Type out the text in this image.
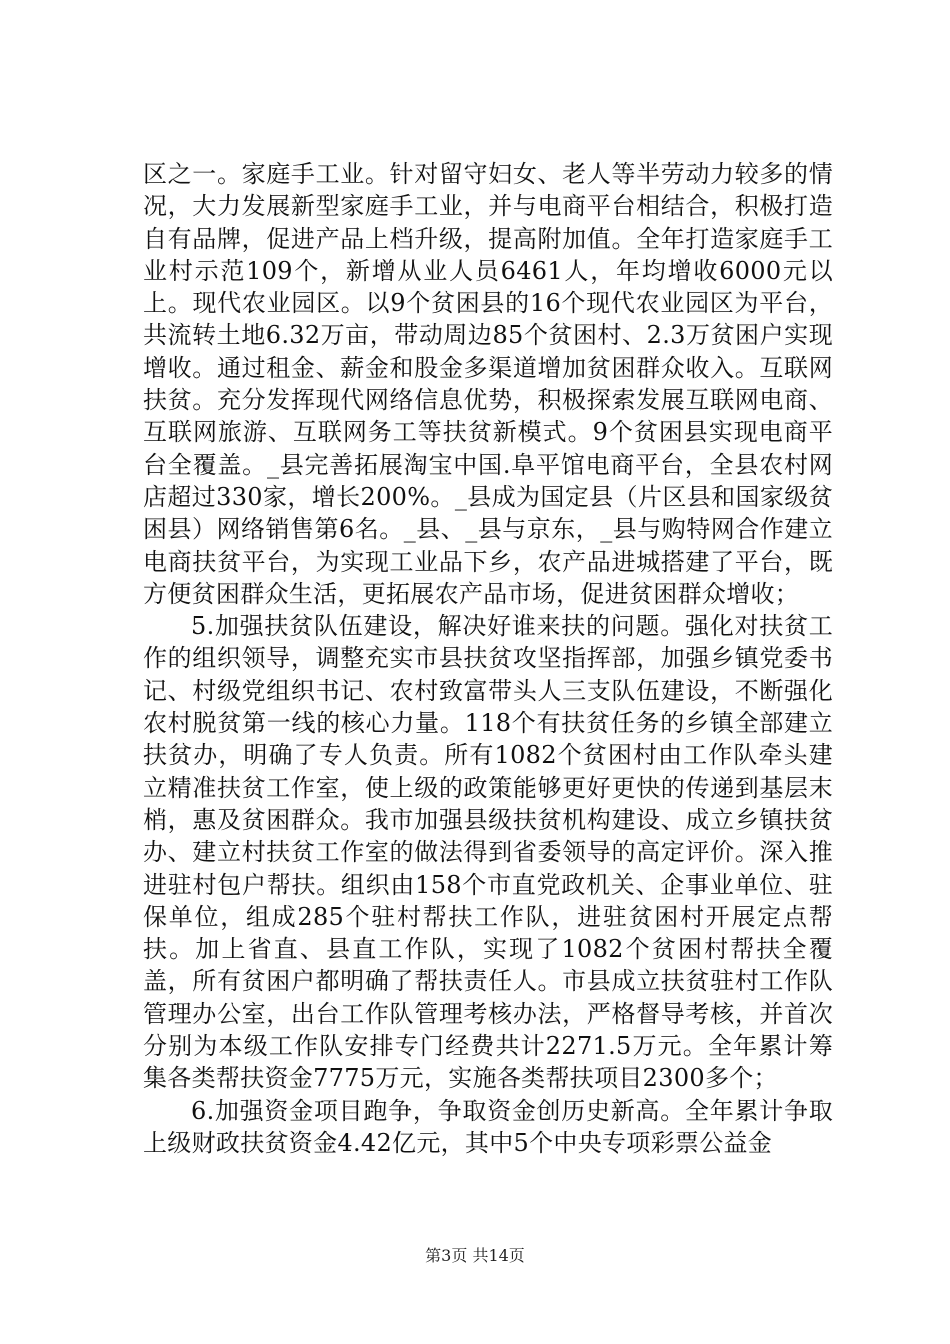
区之一。家庭手工业。针对留守妇女、老人等半劳动力较多的情况，大力发展新型家庭手工业，并与电商平台相结合，积极打造自有品牌，促进产品上档升级，提高附加值。全年打造家庭手工业村示范109个，新增从业人员6461人，年均增收6000元以上。现代农业园区。以9个贫困县的16个现代农业园区为平台，共流转土地6.32万亩，带动周边85个贫困村、2.3万贫困户实现增收。通过租金、薪金和股金多渠道增加贫困群众收入。互联网扶贫。充分发挥现代网络信息优势，积极探索发展互联网电商、互联网旅游、互联网务工等扶贫新模式。9个贫困县实现电商平台全覆盖。_县完善拓展淘宝中国.阜平馆电商平台，全县农村网店超过330家，增长200%。_县成为国定县（片区县和国家级贫困县）网络销售第6名。_县、_县与京东，_县与购特网合作建立电商扶贫平台，为实现工业品下乡，农产品进城搭建了平台，既方便贫困群众生活，更拓展农产品市场，促进贫困群众增收；

5.加强扶贫队伍建设，解决好谁来扶的问题。强化对扶贫工作的组织领导，调整充实市县扶贫攻坚指挥部，加强乡镇党委书记、村级党组织书记、农村致富带头人三支队伍建设，不断强化农村脱贫第一线的核心力量。118个有扶贫任务的乡镇全部建立扶贫办，明确了专人负责。所有1082个贫困村由工作队牵头建立精准扶贫工作室，使上级的政策能够更好更快的传递到基层末梢，惠及贫困群众。我市加强县级扶贫机构建设、成立乡镇扶贫办、建立村扶贫工作室的做法得到省委领导的高定评价。深入推进驻村包户帮扶。组织由158个市直党政机关、企事业单位、驻保单位，组成285个驻村帮扶工作队，进驻贫困村开展定点帮扶。加上省直、县直工作队，实现了1082个贫困村帮扶全覆盖，所有贫困户都明确了帮扶责任人。市县成立扶贫驻村工作队管理办公室，出台工作队管理考核办法，严格督导考核，并首次分别为本级工作队安排专门经费共计2271.5万元。全年累计筹集各类帮扶资金7775万元，实施各类帮扶项目2300多个；

6.加强资金项目跑争，争取资金创历史新高。全年累计争取上级财政扶贫资金4.42亿元，其中5个中央专项彩票公益金

第3页 共14页
